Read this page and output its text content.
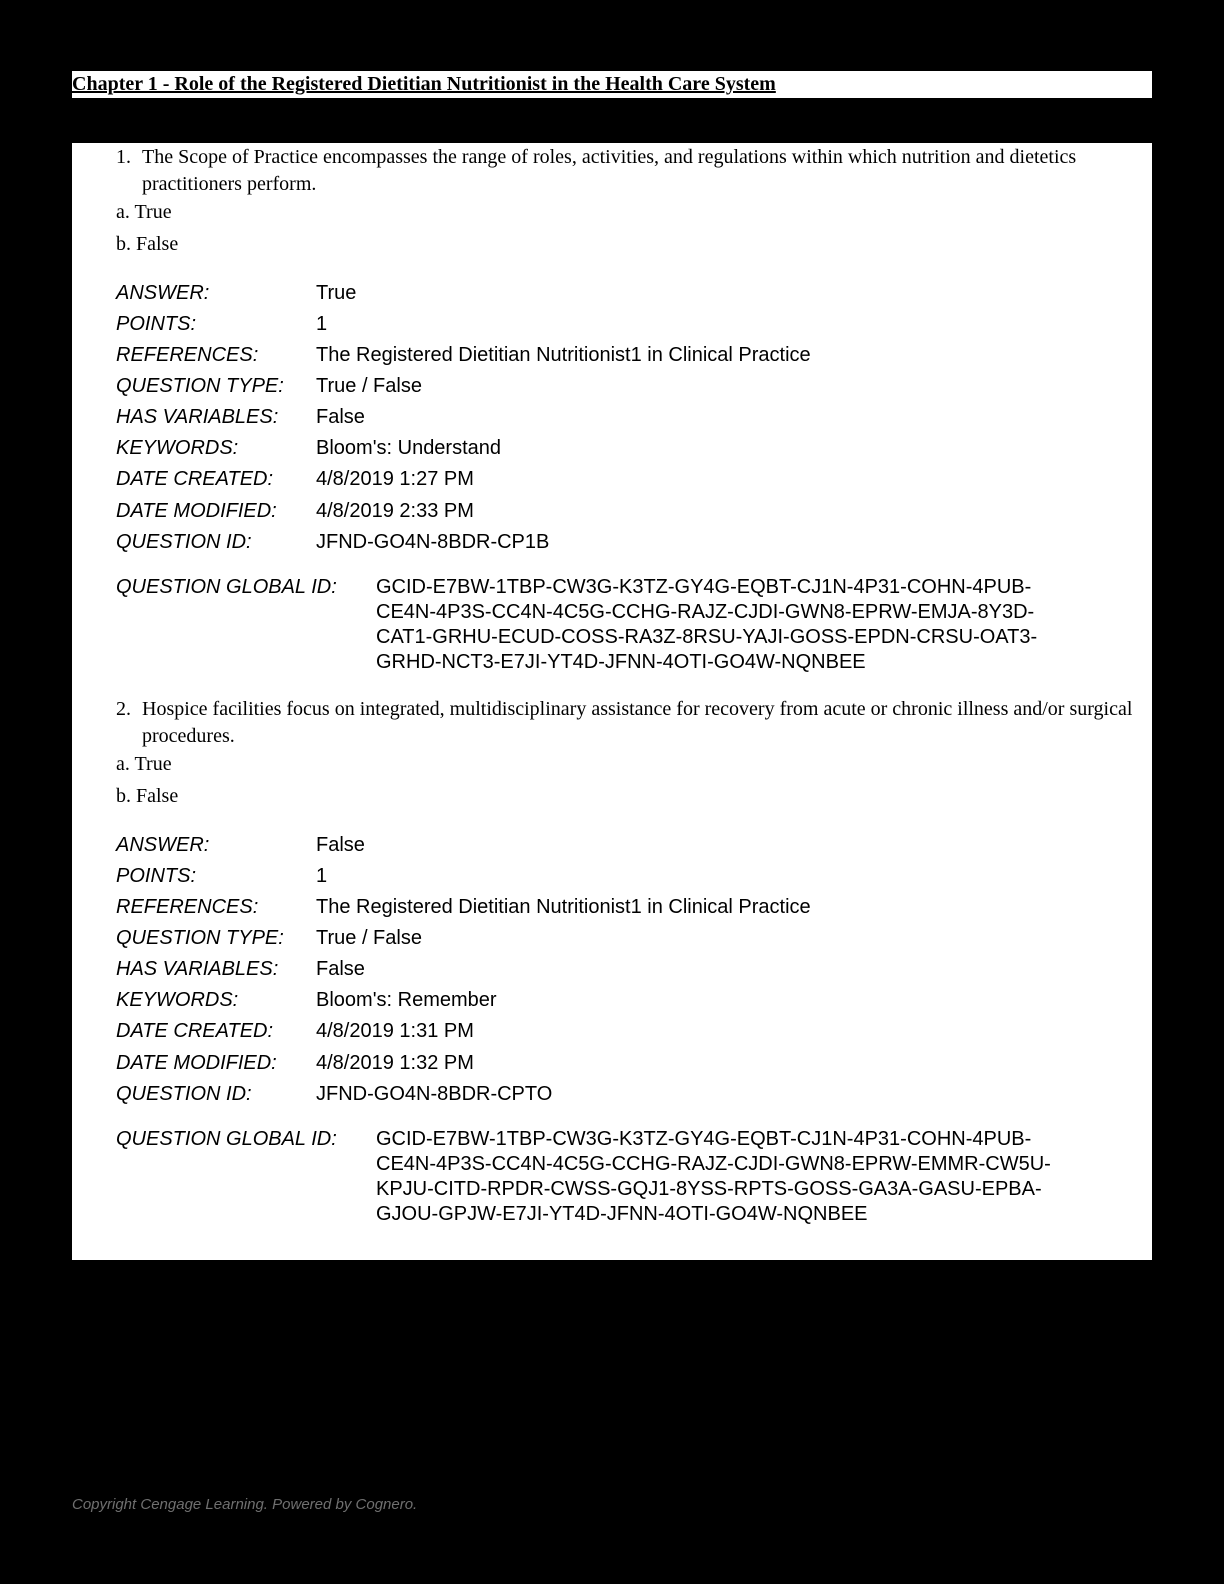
Chapter 1 - Role of the Registered Dietitian Nutritionist in the Health Care System
1. The Scope of Practice encompasses the range of roles, activities, and regulations within which nutrition and dietetics practitioners perform.
a. True
b. False
ANSWER:	True
POINTS:	1
REFERENCES:	The Registered Dietitian Nutritionist1 in Clinical Practice
QUESTION TYPE: True / False
HAS VARIABLES: False
KEYWORDS:	Bloom's: Understand
DATE CREATED: 4/8/2019 1:27 PM
DATE MODIFIED: 4/8/2019 2:33 PM
QUESTION ID:	JFND-GO4N-8BDR-CP1B
QUESTION GLOBAL ID: GCID-E7BW-1TBP-CW3G-K3TZ-GY4G-EQBT-CJ1N-4P31-COHN-4PUB-
CE4N-4P3S-CC4N-4C5G-CCHG-RAJZ-CJDI-GWN8-EPRW-EMJA-8Y3D-
CAT1-GRHU-ECUD-COSS-RA3Z-8RSU-YAJI-GOSS-EPDN-CRSU-OAT3-
GRHD-NCT3-E7JI-YT4D-JFNN-4OTI-GO4W-NQNBEE
2. Hospice facilities focus on integrated, multidisciplinary assistance for recovery from acute or chronic illness and/or surgical procedures.
a. True
b. False
ANSWER:	False
POINTS:	1
REFERENCES:	The Registered Dietitian Nutritionist1 in Clinical Practice
QUESTION TYPE: True / False
HAS VARIABLES: False
KEYWORDS:	Bloom's: Remember
DATE CREATED: 4/8/2019 1:31 PM
DATE MODIFIED: 4/8/2019 1:32 PM
QUESTION ID:	JFND-GO4N-8BDR-CPTO
QUESTION GLOBAL ID: GCID-E7BW-1TBP-CW3G-K3TZ-GY4G-EQBT-CJ1N-4P31-COHN-4PUB-
CE4N-4P3S-CC4N-4C5G-CCHG-RAJZ-CJDI-GWN8-EPRW-EMMR-CW5U-
KPJU-CITD-RPDR-CWSS-GQJ1-8YSS-RPTS-GOSS-GA3A-GASU-EPBA-
GJOU-GPJW-E7JI-YT4D-JFNN-4OTI-GO4W-NQNBEE
Copyright Cengage Learning. Powered by Cognero.
